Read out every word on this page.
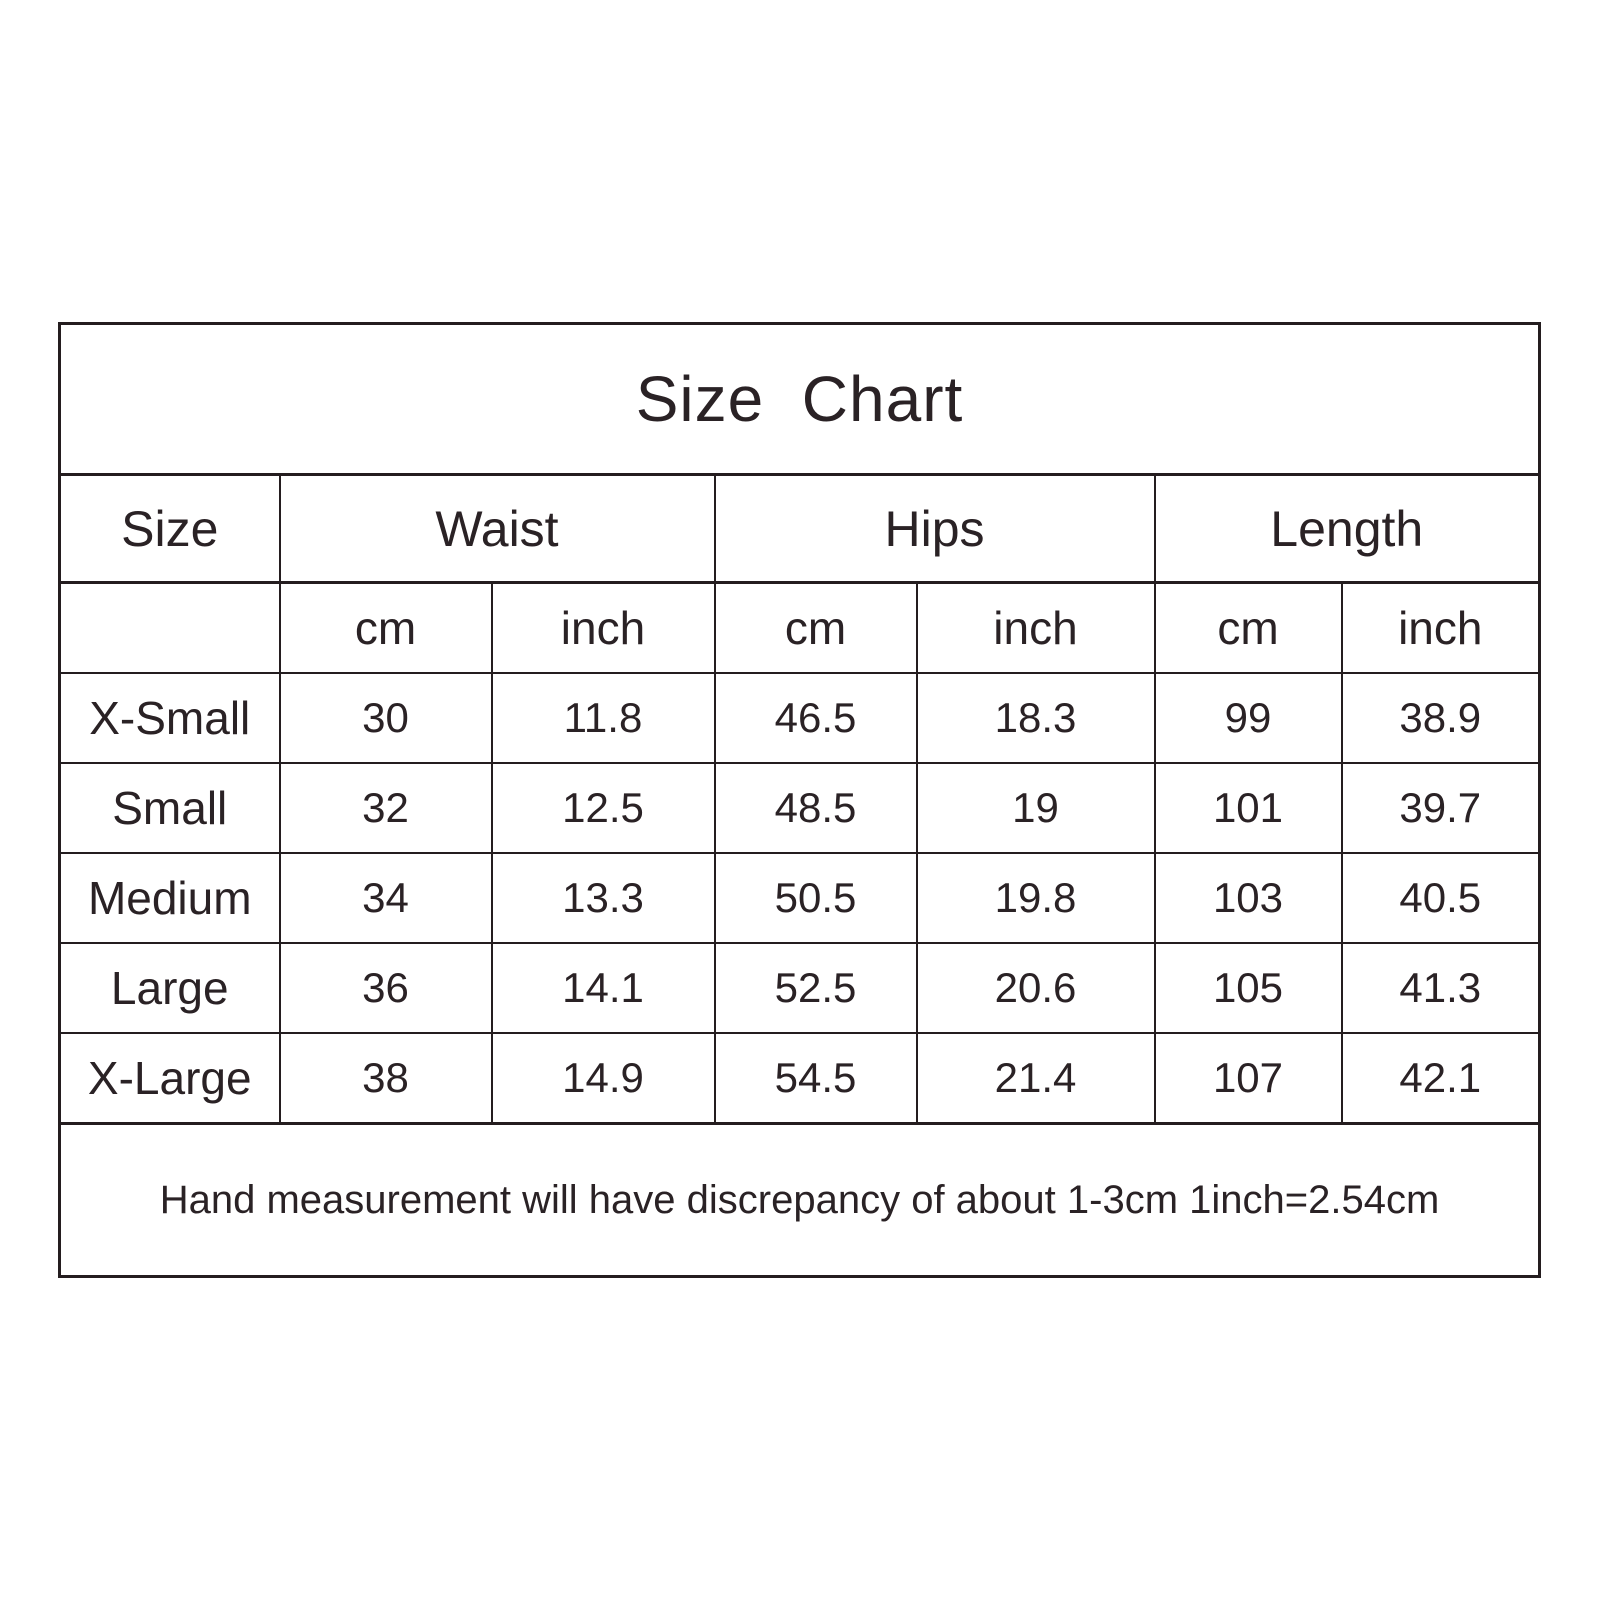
Size  Chart						
Size	Waist		Hips		Length	
	cm	inch	cm	inch	cm	inch
X-Small	30	11.8	46.5	18.3	99	38.9
Small	32	12.5	48.5	19	101	39.7
Medium	34	13.3	50.5	19.8	103	40.5
Large	36	14.1	52.5	20.6	105	41.3
X-Large	38	14.9	54.5	21.4	107	42.1
Hand measurement will have discrepancy of about 1-3cm 1inch=2.54cm						
